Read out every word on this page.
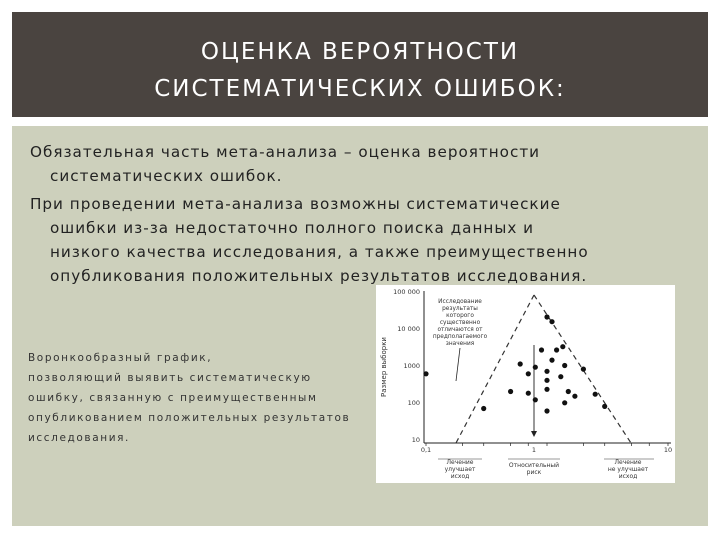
ОЦЕНКА ВЕРОЯТНОСТИ
СИСТЕМАТИЧЕСКИХ ОШИБОК:
Обязательная часть мета-анализа – оценка вероятности
систематических ошибок.
При проведении мета-анализа возможны систематические
ошибки из-за недостаточно полного поиска данных и
низкого качества исследования, а также преимущественно
опубликования положительных результатов исследования.
Воронкообразный график,
позволяющий выявить систематическую
ошибку, связанную с преимущественным
опубликованием положительных результатов
исследования.
Размер выборки
100 000
10 000
1000
100
10
0,1	1	10
Исследование
результаты
которого
существенно
отличаются от
предполагаемого
значения
Лечение
улучшает
исход
Относительный
риск
Лечение
не улучшает
исход
